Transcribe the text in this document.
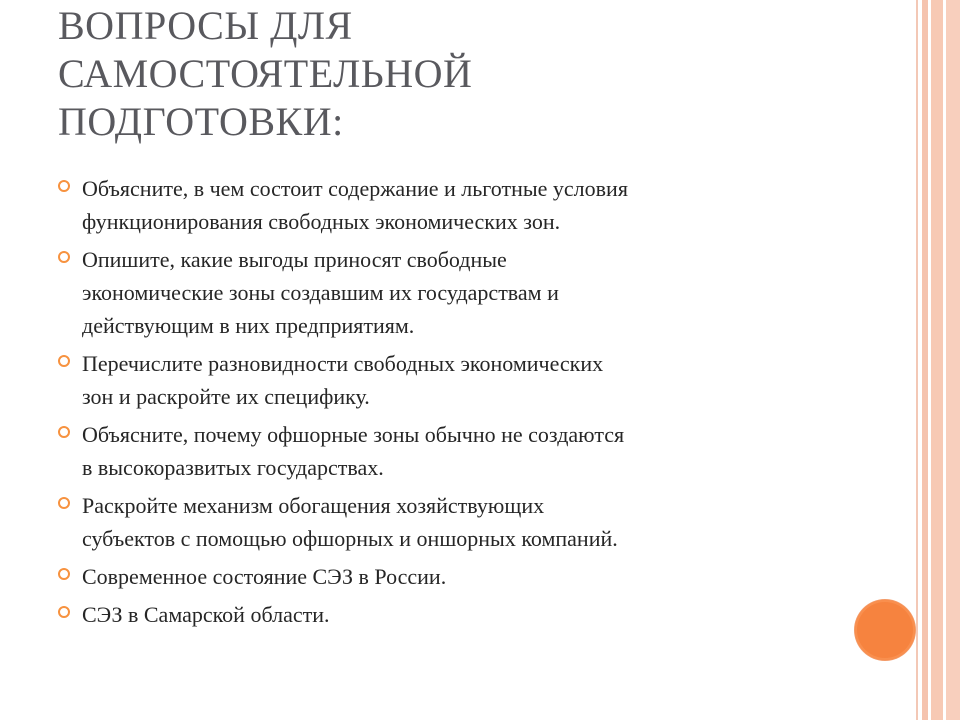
ВОПРОСЫ ДЛЯ
САМОСТОЯТЕЛЬНОЙ
ПОДГОТОВКИ:
Объясните, в чем состоит содержание и льготные условия
функционирования свободных экономических зон.
Опишите, какие выгоды приносят свободные
экономические зоны создавшим их государствам и
действующим в них предприятиям.
Перечислите разновидности свободных экономических
зон и раскройте их специфику.
Объясните, почему офшорные зоны обычно не создаются
в высокоразвитых государствах.
Раскройте механизм обогащения хозяйствующих
субъектов с помощью офшорных и оншорных компаний.
Современное состояние СЭЗ в России.
СЭЗ в Самарской области.
